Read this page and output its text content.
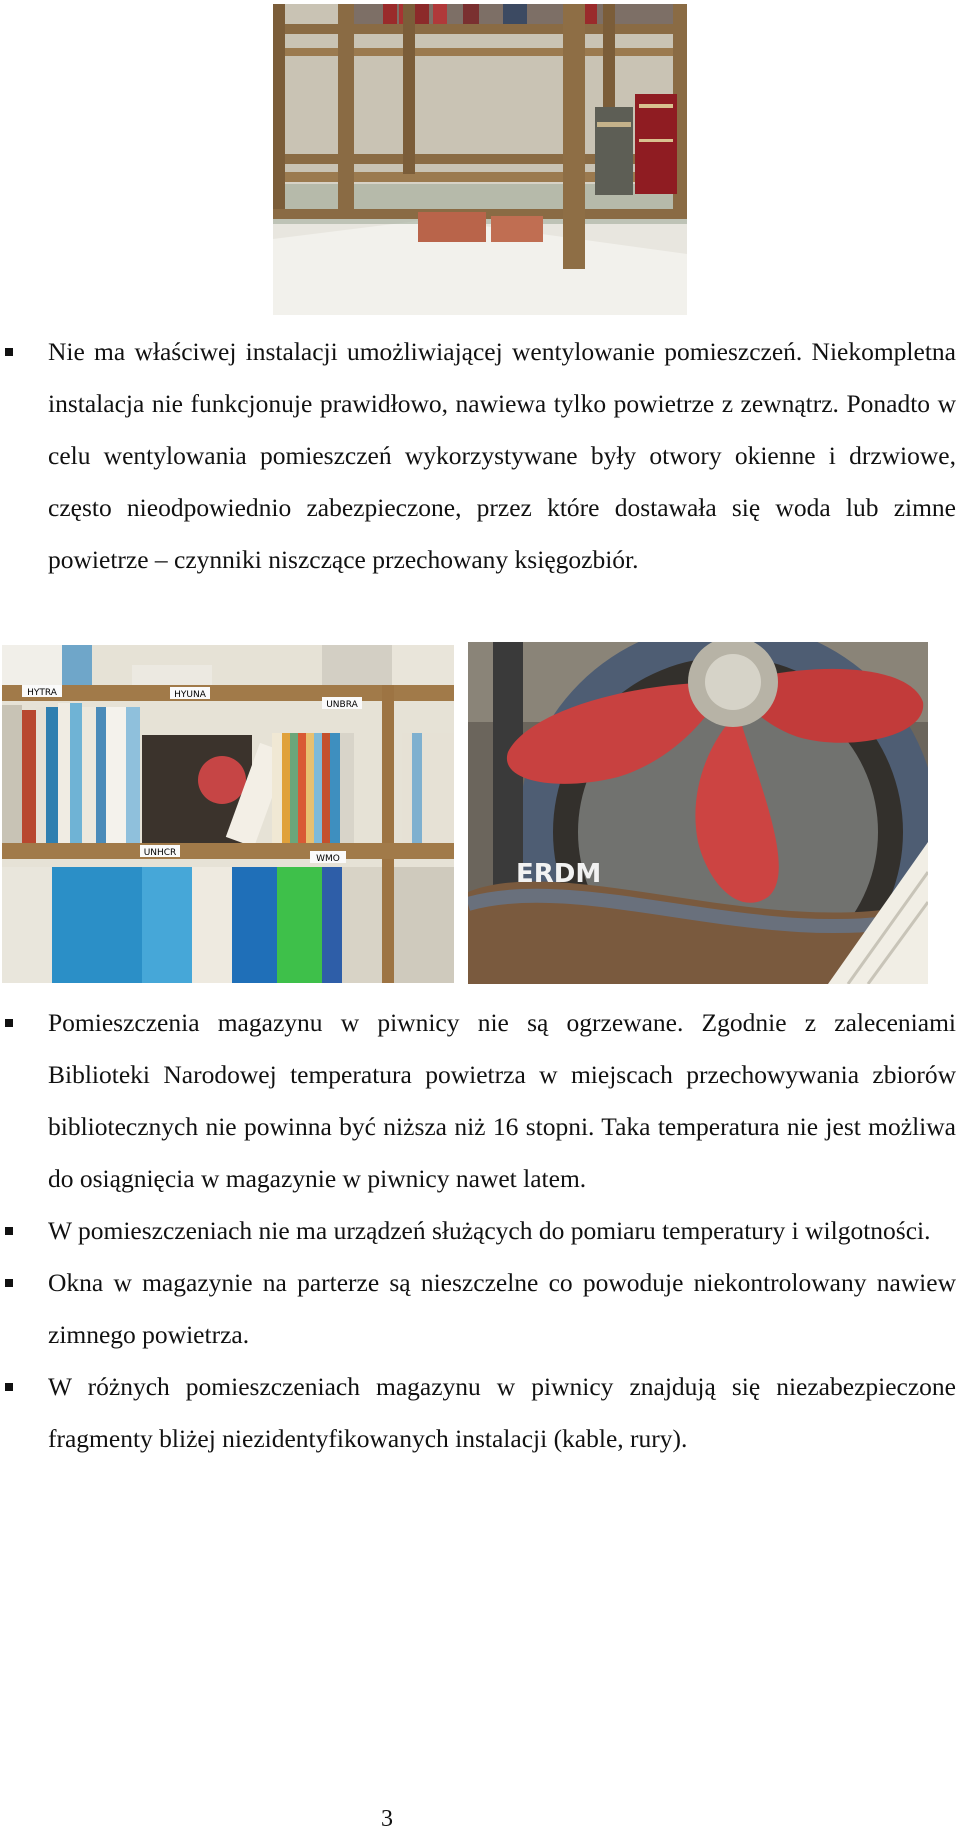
Nie ma właściwej instalacji umożliwiającej wentylowanie pomieszczeń. Niekompletna instalacja nie funkcjonuje prawidłowo, nawiewa tylko powietrze z zewnątrz. Ponadto w celu wentylowania pomieszczeń wykorzystywane były otwory okienne i drzwiowe, często nieodpowiednio zabezpieczone, przez które dostawała się woda lub zimne powietrze – czynniki niszczące przechowany księgozbiór.
HYTRA	HYUNA
UNBRA
UNHCR
WMO	ERDM
Pomieszczenia magazynu w piwnicy nie są ogrzewane. Zgodnie z zaleceniami Biblioteki Narodowej temperatura powietrza w miejscach przechowywania zbiorów bibliotecznych nie powinna być niższa niż 16 stopni. Taka temperatura nie jest możliwa do osiągnięcia w magazynie w piwnicy nawet latem.
W pomieszczeniach nie ma urządzeń służących do pomiaru temperatury i wilgotności.
Okna w magazynie na parterze są nieszczelne co powoduje niekontrolowany nawiew zimnego powietrza.
W różnych pomieszczeniach magazynu w piwnicy znajdują się niezabezpieczone fragmenty bliżej niezidentyfikowanych instalacji (kable, rury).
3
